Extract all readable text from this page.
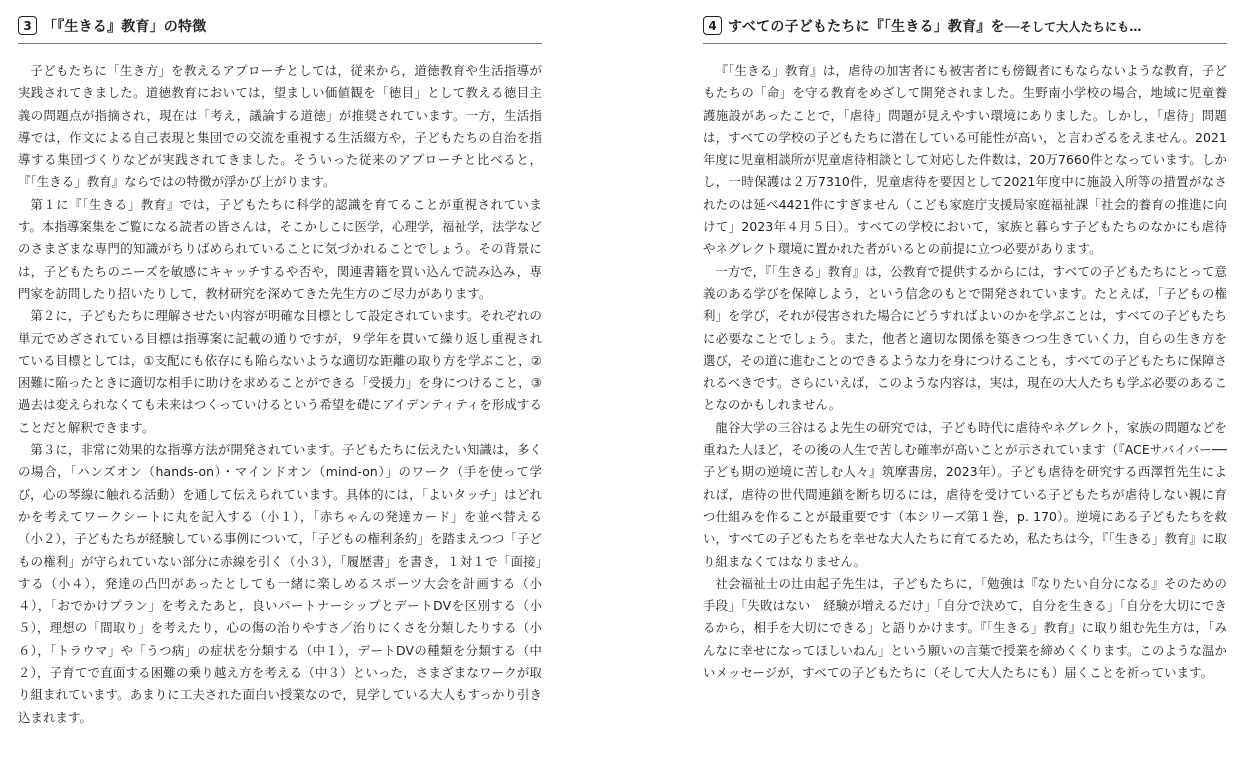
3 「『生きる』教育」の特徴

子どもたちに「生き方」を教えるアプローチとしては，従来から，道徳教育や生活指導が実践されてきました。道徳教育においては，望ましい価値観を「徳目」として教える徳目主義の問題点が指摘され，現在は「考え，議論する道徳」が推奨されています。一方，生活指導では，作文による自己表現と集団での交流を重視する生活綴方や，子どもたちの自治を指導する集団づくりなどが実践されてきました。そういった従来のアプローチと比べると，『「生きる」教育』ならではの特徴が浮かび上がります。

第１に『「生きる」教育』では，子どもたちに科学的認識を育てることが重視されています。本指導案集をご覧になる読者の皆さんは，そこかしこに医学，心理学，福祉学，法学などのさまざまな専門的知識がちりばめられていることに気づかれることでしょう。その背景には，子どもたちのニーズを敏感にキャッチするや否や，関連書籍を買い込んで読み込み，専門家を訪問したり招いたりして，教材研究を深めてきた先生方のご尽力があります。

第２に，子どもたちに理解させたい内容が明確な目標として設定されています。それぞれの単元でめざされている目標は指導案に記載の通りですが，９学年を貫いて繰り返し重視されている目標としては，①支配にも依存にも陥らないような適切な距離の取り方を学ぶこと，②困難に陥ったときに適切な相手に助けを求めることができる「受援力」を身につけること，③過去は変えられなくても未来はつくっていけるという希望を礎にアイデンティティを形成することだと解釈できます。

第３に，非常に効果的な指導方法が開発されています。子どもたちに伝えたい知識は，多くの場合，「ハンズオン（hands-on）・マインドオン（mind-on）」のワーク（手を使って学び，心の琴線に触れる活動）を通して伝えられています。具体的には，「よいタッチ」はどれかを考えてワークシートに丸を記入する（小１），「赤ちゃんの発達カード」を並べ替える（小２），子どもたちが経験している事例について，「子どもの権利条約」を踏まえつつ「子どもの権利」が守られていない部分に赤線を引く（小３），「履歴書」を書き，１対１で「面接」する（小４），発達の凸凹があったとしても一緒に楽しめるスポーツ大会を計画する（小４），「おでかけプラン」を考えたあと，良いパートナーシップとデートDVを区別する（小５），理想の「間取り」を考えたり，心の傷の治りやすさ／治りにくさを分類したりする（小６），「トラウマ」や「うつ病」の症状を分類する（中１），デートDVの種類を分類する（中２），子育てで直面する困難の乗り越え方を考える（中３）といった，さまざまなワークが取り組まれています。あまりに工夫された面白い授業なので，見学している大人もすっかり引き込まれます。

4 すべての子どもたちに『「生きる」教育』を──そして大人たちにも…

『「生きる」教育』は，虐待の加害者にも被害者にも傍観者にもならないような教育，子どもたちの「命」を守る教育をめざして開発されました。生野南小学校の場合，地域に児童養護施設があったことで，「虐待」問題が見えやすい環境にありました。しかし，「虐待」問題は，すべての学校の子どもたちに潜在している可能性が高い，と言わざるをえません。2021年度に児童相談所が児童虐待相談として対応した件数は，20万7660件となっています。しかし，一時保護は２万7310件，児童虐待を要因として2021年度中に施設入所等の措置がなされたのは延べ4421件にすぎません（こども家庭庁支援局家庭福祉課「社会的養育の推進に向けて」2023年４月５日）。すべての学校において，家族と暮らす子どもたちのなかにも虐待やネグレクト環境に置かれた者がいるとの前提に立つ必要があります。

一方で，『「生きる」教育』は，公教育で提供するからには，すべての子どもたちにとって意義のある学びを保障しよう，という信念のもとで開発されています。たとえば，「子どもの権利」を学び，それが侵害された場合にどうすればよいのかを学ぶことは，すべての子どもたちに必要なことでしょう。また，他者と適切な関係を築きつつ生きていく力，自らの生き方を選び，その道に進むことのできるような力を身につけることも，すべての子どもたちに保障されるべきです。さらにいえば，このような内容は，実は，現在の大人たちも学ぶ必要のあることなのかもしれません。

龍谷大学の三谷はるよ先生の研究では，子ども時代に虐待やネグレクト，家族の問題などを重ねた人ほど，その後の人生で苦しむ確率が高いことが示されています（『ACEサバイバー──子ども期の逆境に苦しむ人々』筑摩書房，2023年）。子ども虐待を研究する西澤哲先生によれば，虐待の世代間連鎖を断ち切るには，虐待を受けている子どもたちが虐待しない親に育つ仕組みを作ることが最重要です（本シリーズ第１巻，p. 170）。逆境にある子どもたちを救い，すべての子どもたちを幸せな大人たちに育てるため，私たちは今，『「生きる」教育』に取り組まなくてはなりません。

社会福祉士の辻由起子先生は，子どもたちに，「勉強は『なりたい自分になる』そのための手段」「失敗はない　経験が増えるだけ」「自分で決めて，自分を生きる」「自分を大切にできるから，相手を大切にできる」と語りかけます。『「生きる」教育』に取り組む先生方は，「みんなに幸せになってほしいねん」という願いの言葉で授業を締めくくります。このような温かいメッセージが，すべての子どもたちに（そして大人たちにも）届くことを祈っています。
